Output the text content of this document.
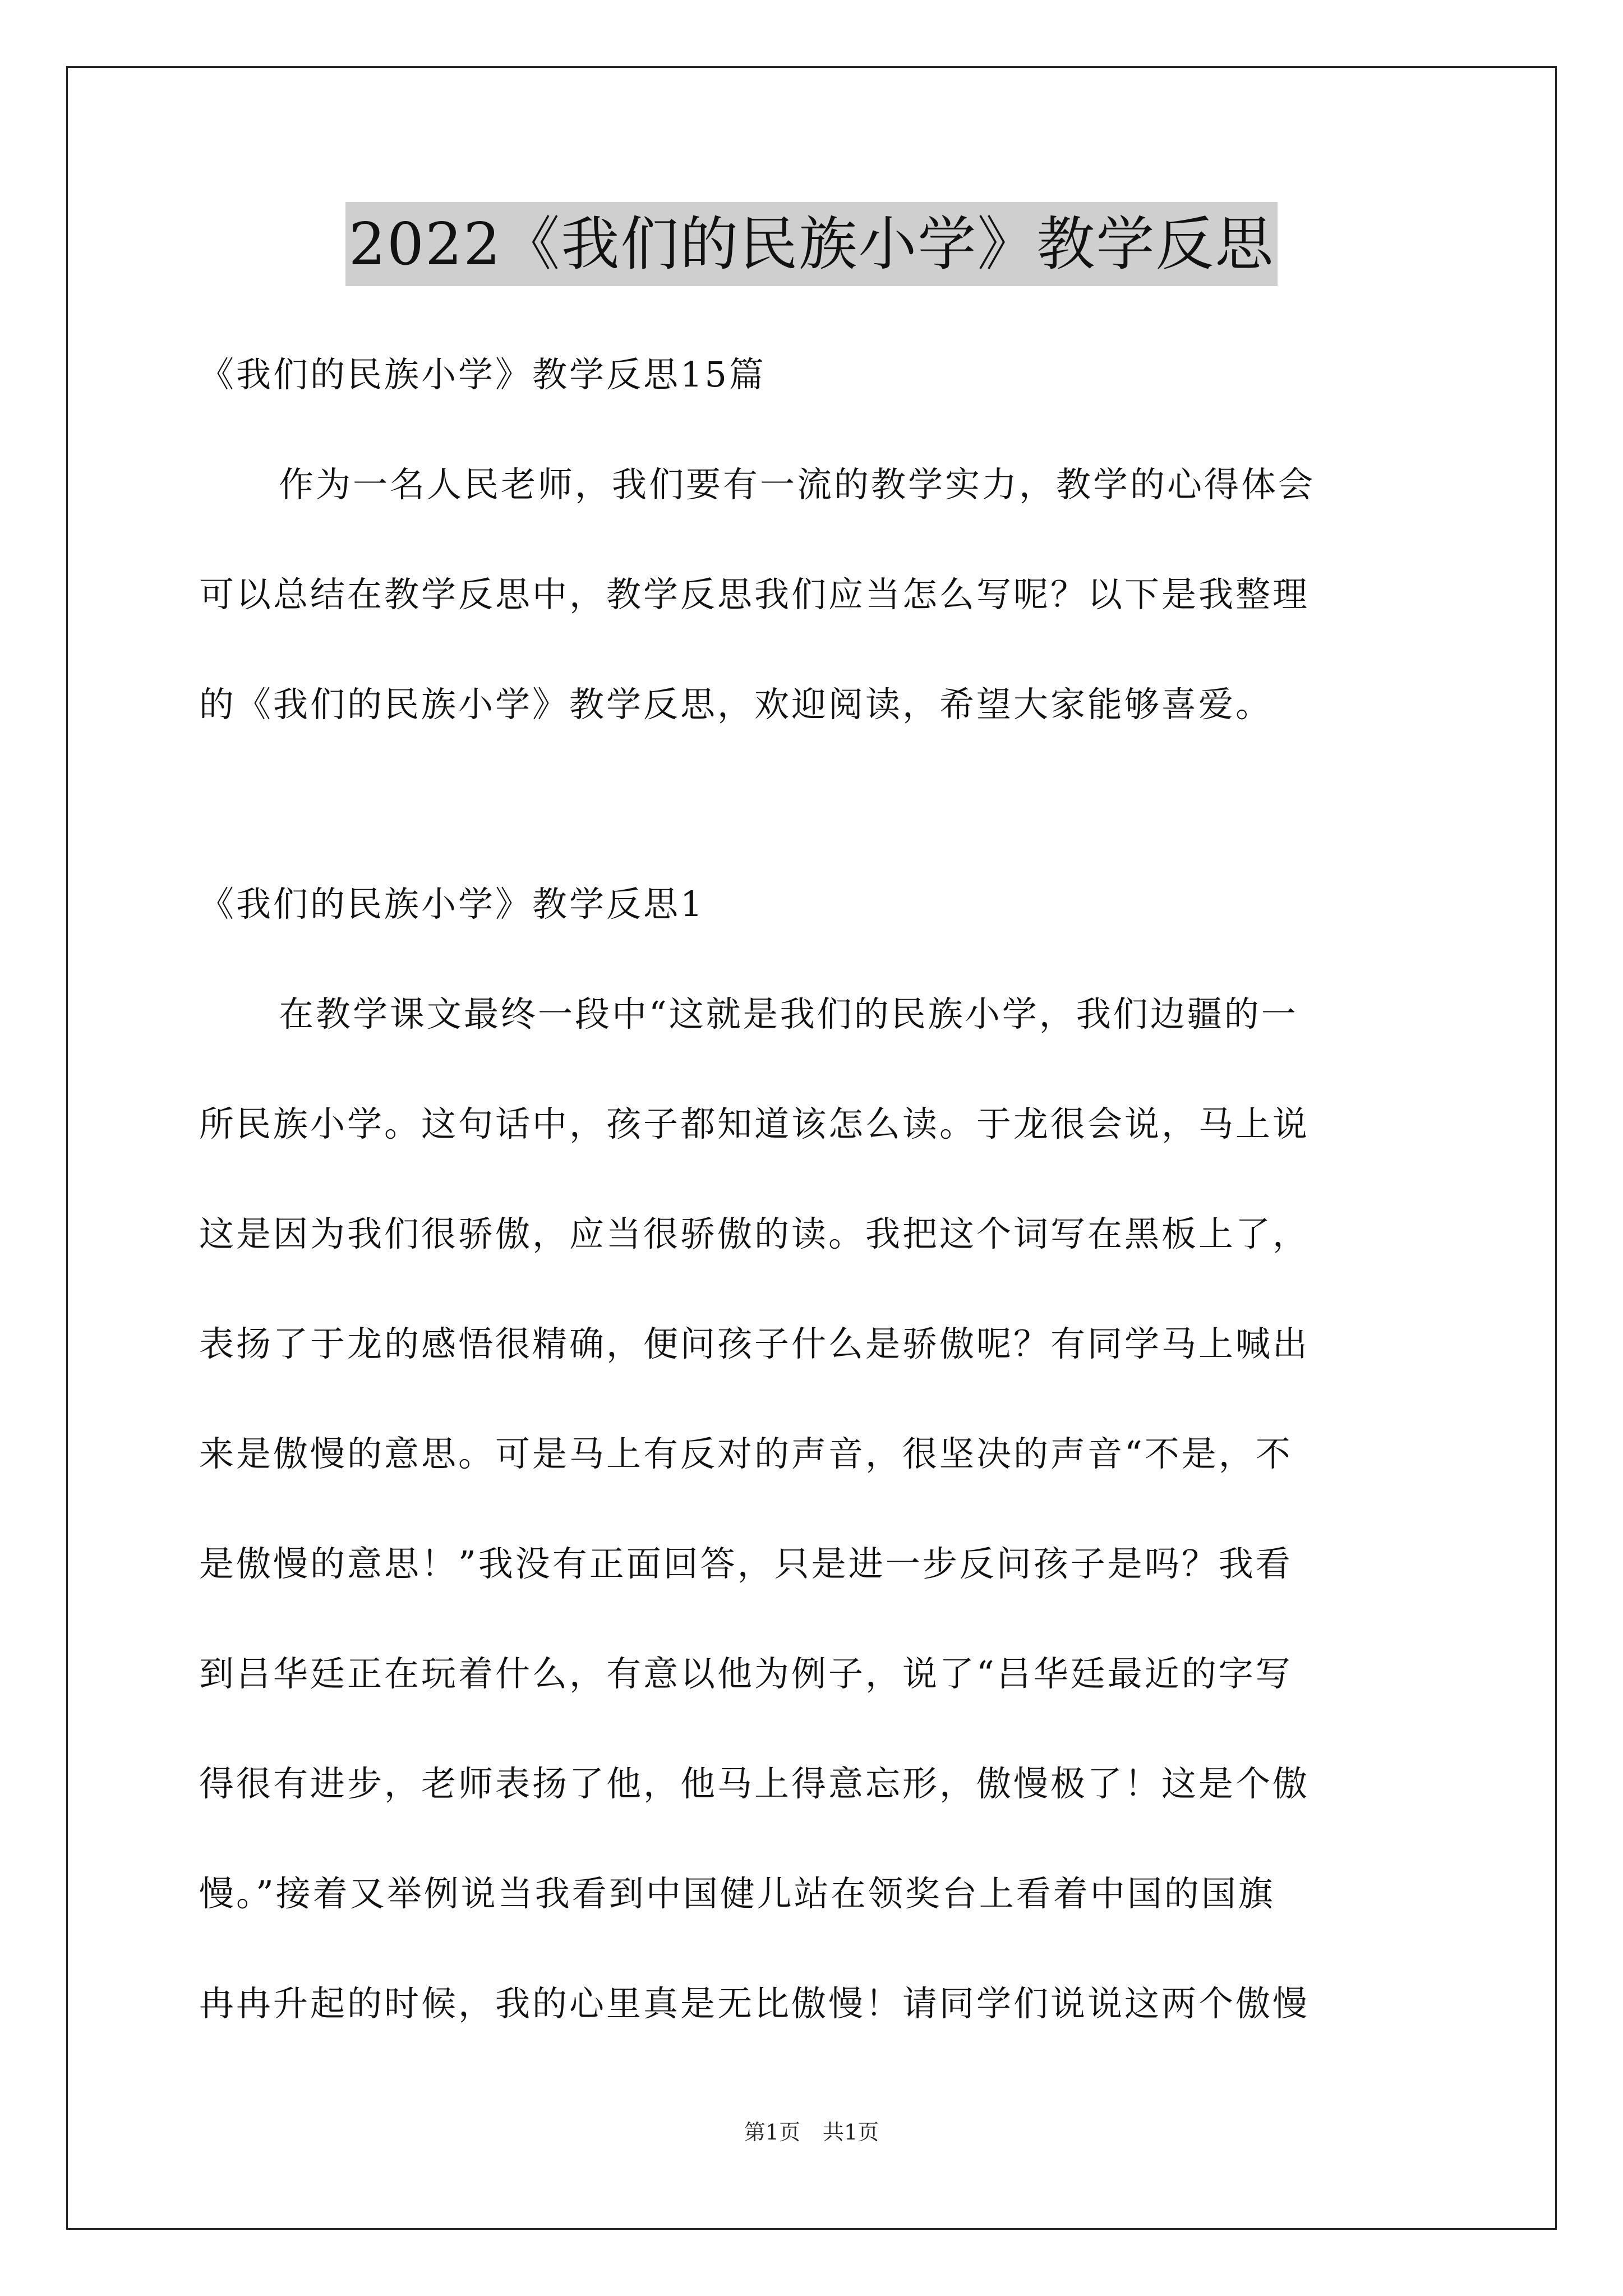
2022《我们的民族小学》教学反思
《我们的民族小学》教学反思15篇
作为一名人民老师，我们要有一流的教学实力，教学的心得体会
可以总结在教学反思中，教学反思我们应当怎么写呢？以下是我整理
的《我们的民族小学》教学反思，欢迎阅读，希望大家能够喜爱。
《我们的民族小学》教学反思1
在教学课文最终一段中“这就是我们的民族小学，我们边疆的一
所民族小学。这句话中，孩子都知道该怎么读。于龙很会说，马上说
这是因为我们很骄傲，应当很骄傲的读。我把这个词写在黑板上了，
表扬了于龙的感悟很精确，便问孩子什么是骄傲呢？有同学马上喊出
来是傲慢的意思。可是马上有反对的声音，很坚决的声音“不是，不
是傲慢的意思！”我没有正面回答，只是进一步反问孩子是吗？我看
到吕华廷正在玩着什么，有意以他为例子，说了“吕华廷最近的字写
得很有进步，老师表扬了他，他马上得意忘形，傲慢极了！这是个傲
慢。”接着又举例说当我看到中国健儿站在领奖台上看着中国的国旗
冉冉升起的时候，我的心里真是无比傲慢！请同学们说说这两个傲慢
第1页 共1页
